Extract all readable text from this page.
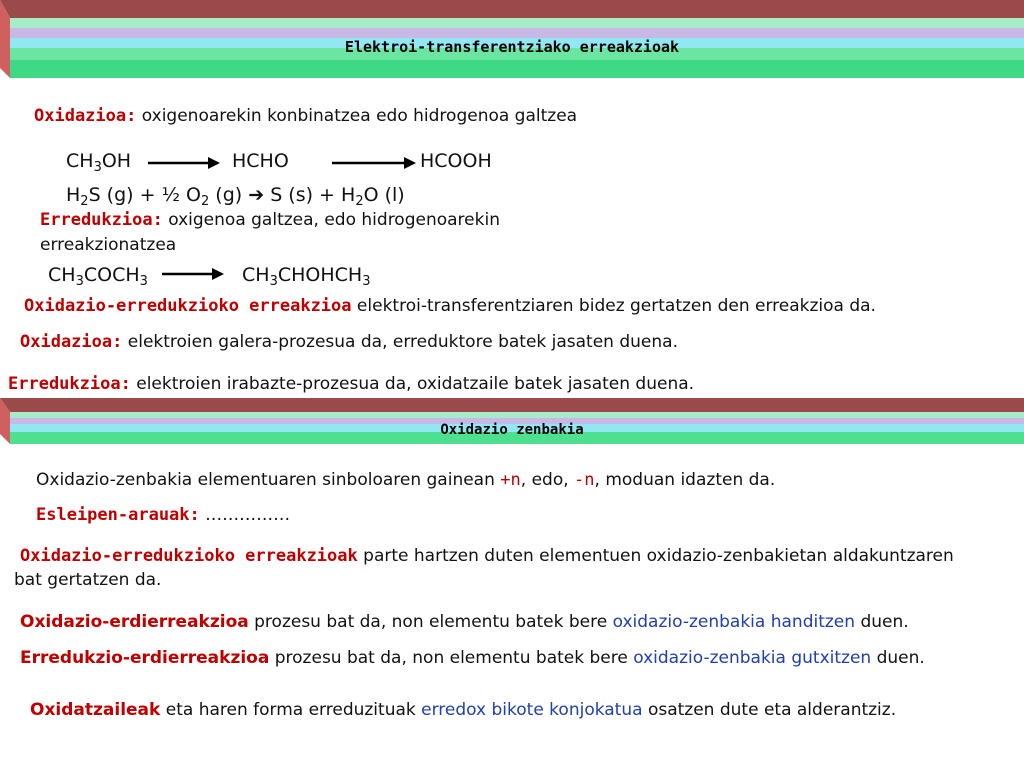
Elektroi-transferentziako erreakzioak
Oxidazioa: oxigenoarekin konbinatzea edo hidrogenoa galtzea
$CH_3OH$	HCHO	HCOOH
$H_2S$ (g) + ½ $O_2$ (g) ➔ S $(s) + H_2O$ (l)
Erredukzioa: oxigenoa galtzea, edo hidrogenoarekin
erreakzionatzea
$CH_3COCH_3$ → $CH_3CHOHCH_3$
Oxidazio-erredukzioko erreakzioa elektroi-transferentziaren bidez gertatzen den erreakzioa da.
Oxidazioa: elektroien galera-prozesua da, erreduktore batek jasaten duena.
Erredukzioa: elektroien irabazte-prozesua da, oxidatzaile batek jasaten duena.
Oxidazio zenbakia
Oxidazio-zenbakia elementuaren sinboloaren gainean +n, edo, -n, moduan idazten da.
Esleipen-arauak: ……………
Oxidazio-erredukzioko erreakzioak parte hartzen duten elementuen oxidazio-zenbakietan aldakuntzaren
bat gertatzen da.
Oxidazio-erdierreakzioa prozesu bat da, non elementu batek bere oxidazio-zenbakia handitzen duen.
Erredukzio-erdierreakzioa prozesu bat da, non elementu batek bere oxidazio-zenbakia gutxitzen duen.
Oxidatzaileak eta haren forma erreduzituak erredox bikote konjokatua osatzen dute eta alderantziz.
